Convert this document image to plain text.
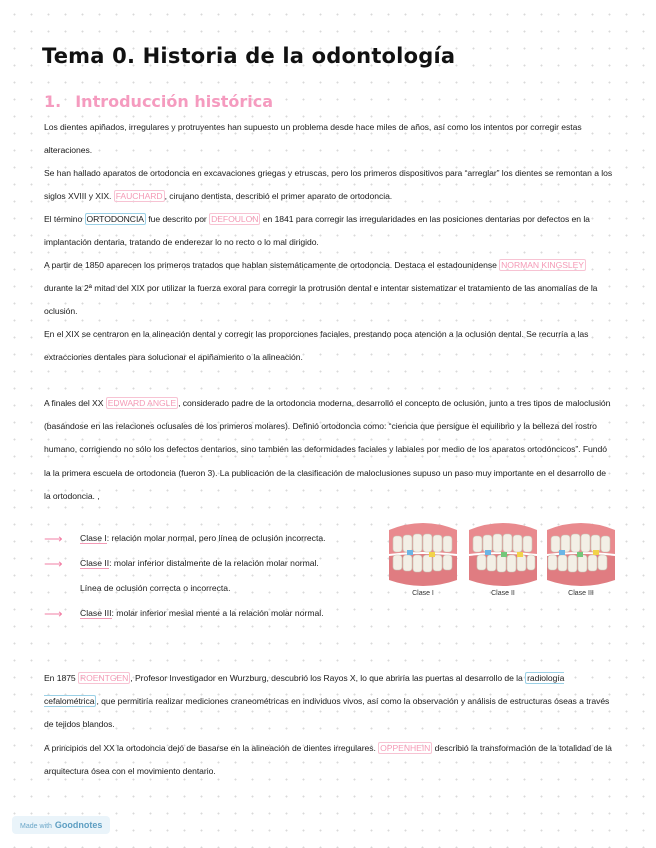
Tema 0. Historia de la odontología
1. Introducción histórica

Los dientes apiñados, irregulares y protruyentes han supuesto un problema desde hace miles de años, así como los intentos por corregir estas alteraciones.

Se han hallado aparatos de ortodoncia en excavaciones griegas y etruscas, pero los primeros dispositivos para “arreglar” los dientes se remontan a los siglos XVIII y XIX. FAUCHARD , cirujano dentista, describió el primer aparato de ortodoncia.

El término ORTODONCIA fue descrito por DEFOULON en 1841 para corregir las irregularidades en las posiciones dentarias por defectos en la implantación dentaria, tratando de enderezar lo no recto o lo mal dirigido.

A partir de 1850 aparecen los primeros tratados que hablan sistemáticamente de ortodoncia. Destaca el estadounidense NORMAN KINGSLEY durante la 2ª mitad del XIX por utilizar la fuerza exoral para corregir la protrusión dental e intentar sistematizar el tratamiento de las anomalías de la oclusión.

En el XIX se centraron en la alineación dental y corregir las proporciones faciales, prestando poca atención a la oclusión dental. Se recurría a las extracciones dentales para solucionar el apiñamiento o la alineación.

A finales del XX EDWARD ANGLE , considerado padre de la ortodoncia moderna, desarrolló el concepto de oclusión, junto a tres tipos de maloclusión (basándose en las relaciones oclusales de los primeros molares). Definió ortodoncia como: “ciencia que persigue el equilibrio y la belleza del rostro humano, corrigiendo no sólo los defectos dentarios, sino también las deformidades faciales y labiales por medio de los aparatos ortodóncicos”. Fundó la la primera escuela de ortodoncia (fueron 3). La publicación de la clasificación de maloclusiones supuso un paso muy importante en el desarrollo de la ortodoncia. ,

⟶	Clase I: relación molar normal, pero línea de oclusión incorrecta.
⟶	Clase II: molar inferior distalmente de la relación molar normal.
Línea de oclusión correcta o incorrecta.
⟶	Clase III: molar inferior mesial mente a la relación molar normal.
Clase I	Clase II	Clase III

En 1875 ROENTGEN , Profesor Investigador en Wurzburg, descubrió los Rayos X, lo que abriría las puertas al desarrollo de la radiología cefalométrica , que permitiría realizar mediciones craneométricas en individuos vivos, así como la observación y análisis de estructuras óseas a través de tejidos blandos.

A principios del XX la ortodoncia dejó de basarse en la alineación de dientes irregulares. OPPENHEIN describió la transformación de la totalidad de la arquitectura ósea con el movimiento dentario.

Made with Goodnotes
